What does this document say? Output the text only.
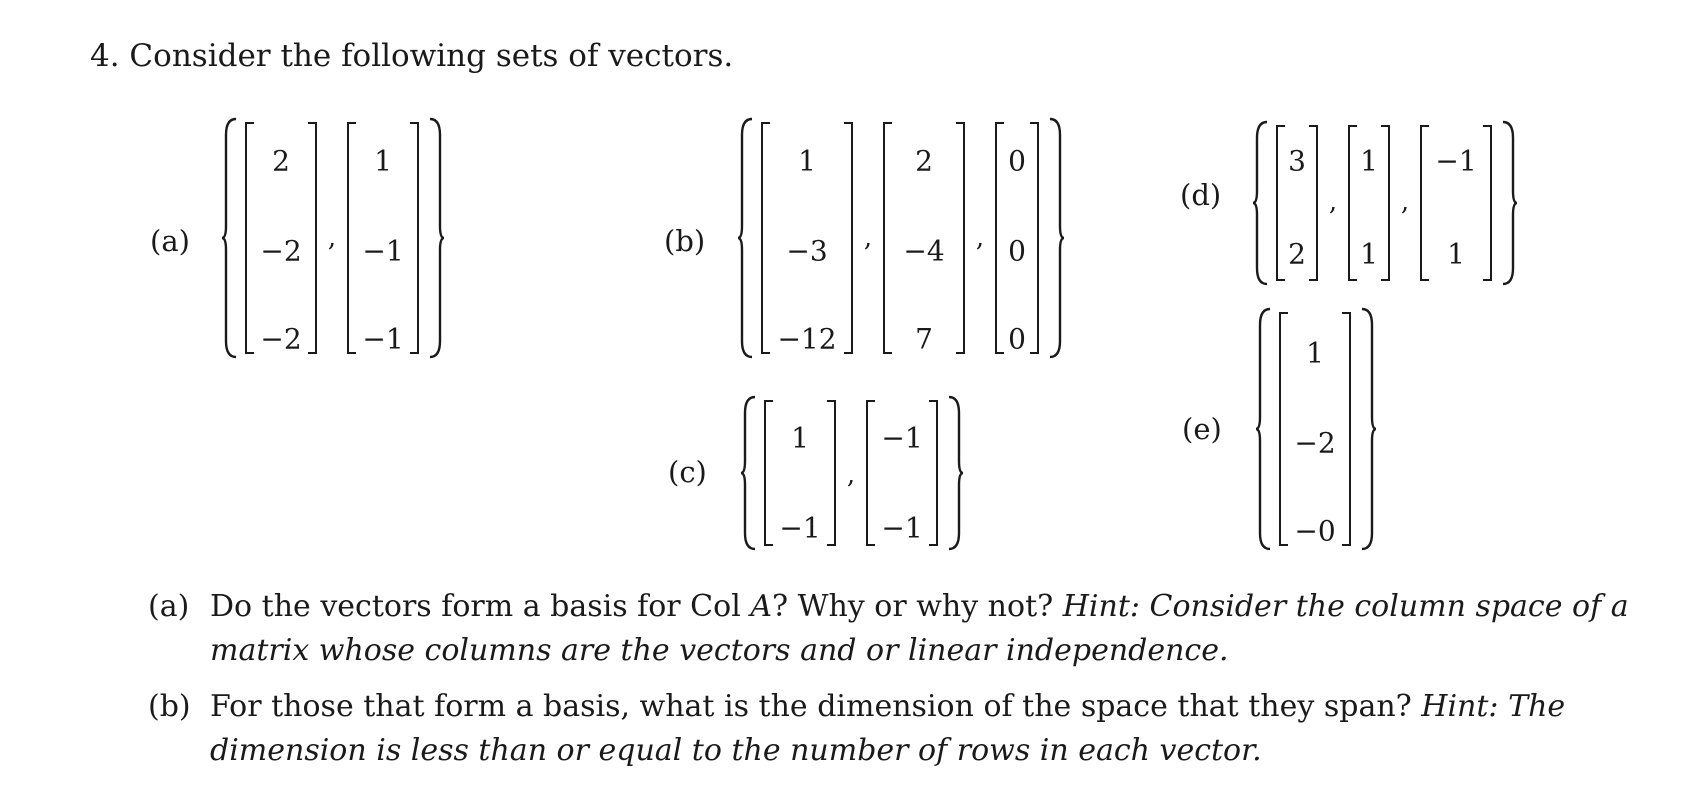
4. Consider the following sets of vectors.
(a)
2
−2
−2
,
1
−1
−1
(b)
1
−3
−12
,
2
−4
7
,
0
0
0
(c)
1
−1
,
−1
−1
(d)
3
2
,
1
1
,
−1
1
(e)
1
−2
−0
(a) Do the vectors form a basis for Col A? Why or why not? Hint: Consider the column space of a
matrix whose columns are the vectors and or linear independence.
(b) For those that form a basis, what is the dimension of the space that they span? Hint: The
dimension is less than or equal to the number of rows in each vector.
